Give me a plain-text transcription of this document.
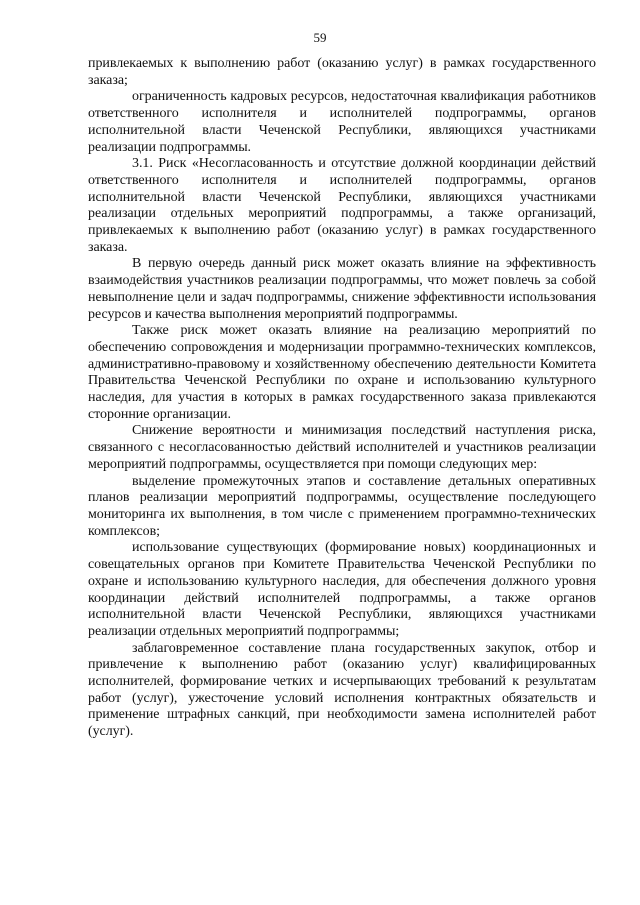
59

привлекаемых к выполнению работ (оказанию услуг) в рамках государственного заказа;

ограниченность кадровых ресурсов, недостаточная квалификация работников ответственного исполнителя и исполнителей подпрограммы, органов исполнительной власти Чеченской Республики, являющихся участниками реализации подпрограммы.

3.1. Риск «Несогласованность и отсутствие должной координации действий ответственного исполнителя и исполнителей подпрограммы, органов исполнительной власти Чеченской Республики, являющихся участниками реализации отдельных мероприятий подпрограммы, а также организаций, привлекаемых к выполнению работ (оказанию услуг) в рамках государственного заказа.

В первую очередь данный риск может оказать влияние на эффективность взаимодействия участников реализации подпрограммы, что может повлечь за собой невыполнение цели и задач подпрограммы, снижение эффективности использования ресурсов и качества выполнения мероприятий подпрограммы.

Также риск может оказать влияние на реализацию мероприятий по обеспечению сопровождения и модернизации программно-технических комплексов, административно-правовому и хозяйственному обеспечению деятельности Комитета Правительства Чеченской Республики по охране и использованию культурного наследия, для участия в которых в рамках государственного заказа привлекаются сторонние организации.

Снижение вероятности и минимизация последствий наступления риска, связанного с несогласованностью действий исполнителей и участников реализации мероприятий подпрограммы, осуществляется при помощи следующих мер:

выделение промежуточных этапов и составление детальных оперативных планов реализации мероприятий подпрограммы, осуществление последующего мониторинга их выполнения, в том числе с применением программно-технических комплексов;

использование существующих (формирование новых) координационных и совещательных органов при Комитете Правительства Чеченской Республики по охране и использованию культурного наследия, для обеспечения должного уровня координации действий исполнителей подпрограммы, а также органов исполнительной власти Чеченской Республики, являющихся участниками реализации отдельных мероприятий подпрограммы;

заблаговременное составление плана государственных закупок, отбор и привлечение к выполнению работ (оказанию услуг) квалифицированных исполнителей, формирование четких и исчерпывающих требований к результатам работ (услуг), ужесточение условий исполнения контрактных обязательств и применение штрафных санкций, при необходимости замена исполнителей работ (услуг).
